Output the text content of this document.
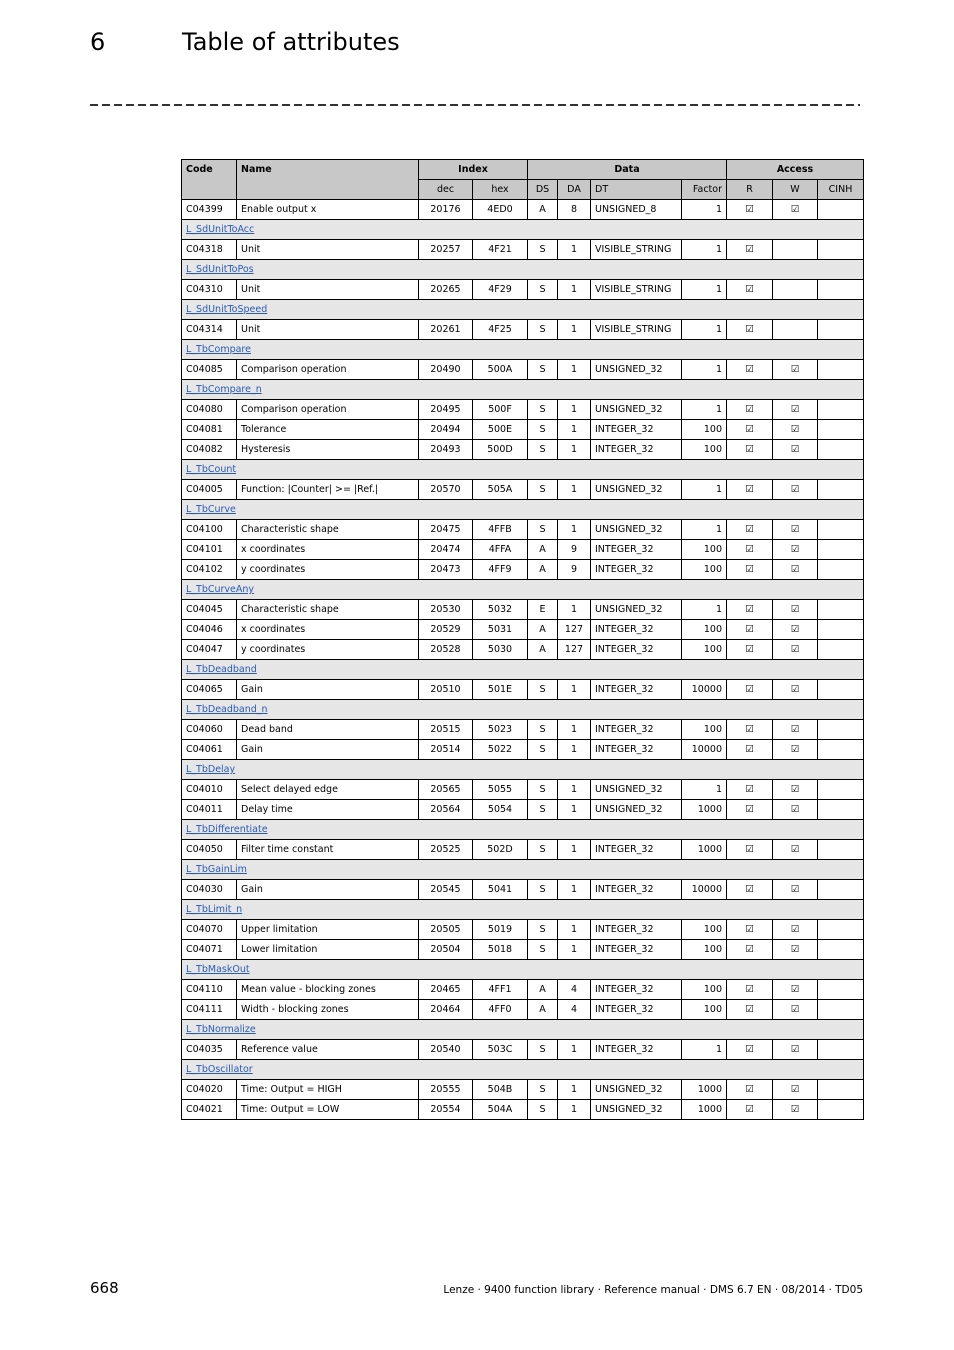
6	Table of attributes
Code	Name	Index		Data				Access		
		dec	hex	DS	DA	DT	Factor	R	W	CINH
C04399	Enable output x	20176	4ED0	A	8	UNSIGNED_8	1	☑	☑	
L_SdUnitToAcc										
C04318	Unit	20257	4F21	S	1	VISIBLE_STRING	1	☑		
L_SdUnitToPos										
C04310	Unit	20265	4F29	S	1	VISIBLE_STRING	1	☑		
L_SdUnitToSpeed										
C04314	Unit	20261	4F25	S	1	VISIBLE_STRING	1	☑		
L_TbCompare										
C04085	Comparison operation	20490	500A	S	1	UNSIGNED_32	1	☑	☑	
L_TbCompare_n										
C04080	Comparison operation	20495	500F	S	1	UNSIGNED_32	1	☑	☑	
C04081	Tolerance	20494	500E	S	1	INTEGER_32	100	☑	☑	
C04082	Hysteresis	20493	500D	S	1	INTEGER_32	100	☑	☑	
L_TbCount										
C04005	Function: |Counter| >= |Ref.|	20570	505A	S	1	UNSIGNED_32	1	☑	☑	
L_TbCurve										
C04100	Characteristic shape	20475	4FFB	S	1	UNSIGNED_32	1	☑	☑	
C04101	x coordinates	20474	4FFA	A	9	INTEGER_32	100	☑	☑	
C04102	y coordinates	20473	4FF9	A	9	INTEGER_32	100	☑	☑	
L_TbCurveAny										
C04045	Characteristic shape	20530	5032	E	1	UNSIGNED_32	1	☑	☑	
C04046	x coordinates	20529	5031	A	127	INTEGER_32	100	☑	☑	
C04047	y coordinates	20528	5030	A	127	INTEGER_32	100	☑	☑	
L_TbDeadband										
C04065	Gain	20510	501E	S	1	INTEGER_32	10000	☑	☑	
L_TbDeadband_n										
C04060	Dead band	20515	5023	S	1	INTEGER_32	100	☑	☑	
C04061	Gain	20514	5022	S	1	INTEGER_32	10000	☑	☑	
L_TbDelay										
C04010	Select delayed edge	20565	5055	S	1	UNSIGNED_32	1	☑	☑	
C04011	Delay time	20564	5054	S	1	UNSIGNED_32	1000	☑	☑	
L_TbDifferentiate										
C04050	Filter time constant	20525	502D	S	1	INTEGER_32	1000	☑	☑	
L_TbGainLim										
C04030	Gain	20545	5041	S	1	INTEGER_32	10000	☑	☑	
L_TbLimit_n										
C04070	Upper limitation	20505	5019	S	1	INTEGER_32	100	☑	☑	
C04071	Lower limitation	20504	5018	S	1	INTEGER_32	100	☑	☑	
L_TbMaskOut										
C04110	Mean value - blocking zones	20465	4FF1	A	4	INTEGER_32	100	☑	☑	
C04111	Width - blocking zones	20464	4FF0	A	4	INTEGER_32	100	☑	☑	
L_TbNormalize										
C04035	Reference value	20540	503C	S	1	INTEGER_32	1	☑	☑	
L_TbOscillator										
C04020	Time: Output = HIGH	20555	504B	S	1	UNSIGNED_32	1000	☑	☑	
C04021	Time: Output = LOW	20554	504A	S	1	UNSIGNED_32	1000	☑	☑	
668	Lenze · 9400 function library · Reference manual · DMS 6.7 EN · 08/2014 · TD05
